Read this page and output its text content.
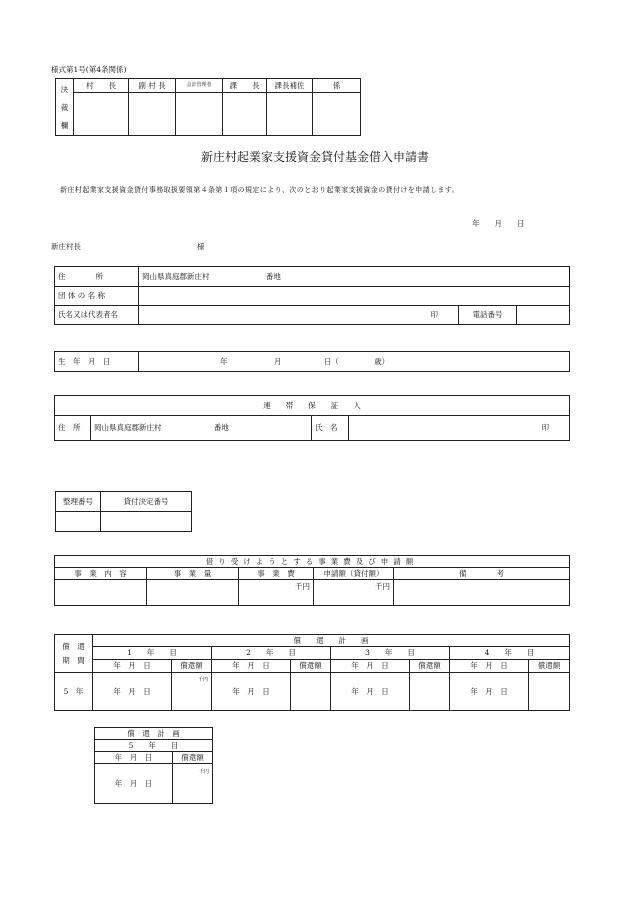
様式第1号(第4条関係)
決
裁
欄	村　　長	副 村 長	会計管理者	課　　長	課長補佐	係

新庄村起業家支援資金貸付基金借入申請書
新庄村起業家支援資金貸付事務取扱要領第４条第１項の規定により、次のとおり起業家支援資金の貸付けを申請します。
年　　月　　日
新庄村長	様
住　　　　所	岡山県真庭郡新庄村 番地		
団 体 の 名 称			
氏名又は代表者名	印	電話番号	
生　年　月　日	年	月	日（	歳）
連　　帯　　保　　証　　人
住　所	岡山県真庭郡新庄村	番地	氏　名	印
整理番号	貸付決定番号

借り受けようとする事業費及び申請額				
事　業　内　容	事　業　量	事　業　費	申請額（貸付額）	備　　　　考
		千円	千円	
償　還
期　間	償　　還　　計　　画							
	1　　年　　目		2　　年　　目		3　　年　　目		4　　年　　目	
	年　月　日	償還額	年　月　日	償還額	年　月　日	償還額	年　月　日	償還額
5　年	年　月　日	千円	年　月　日		年　月　日		年　月　日	
償　還　計　画	
5　　年　　目	
年　月　日	償還額
年　月　日	千円
